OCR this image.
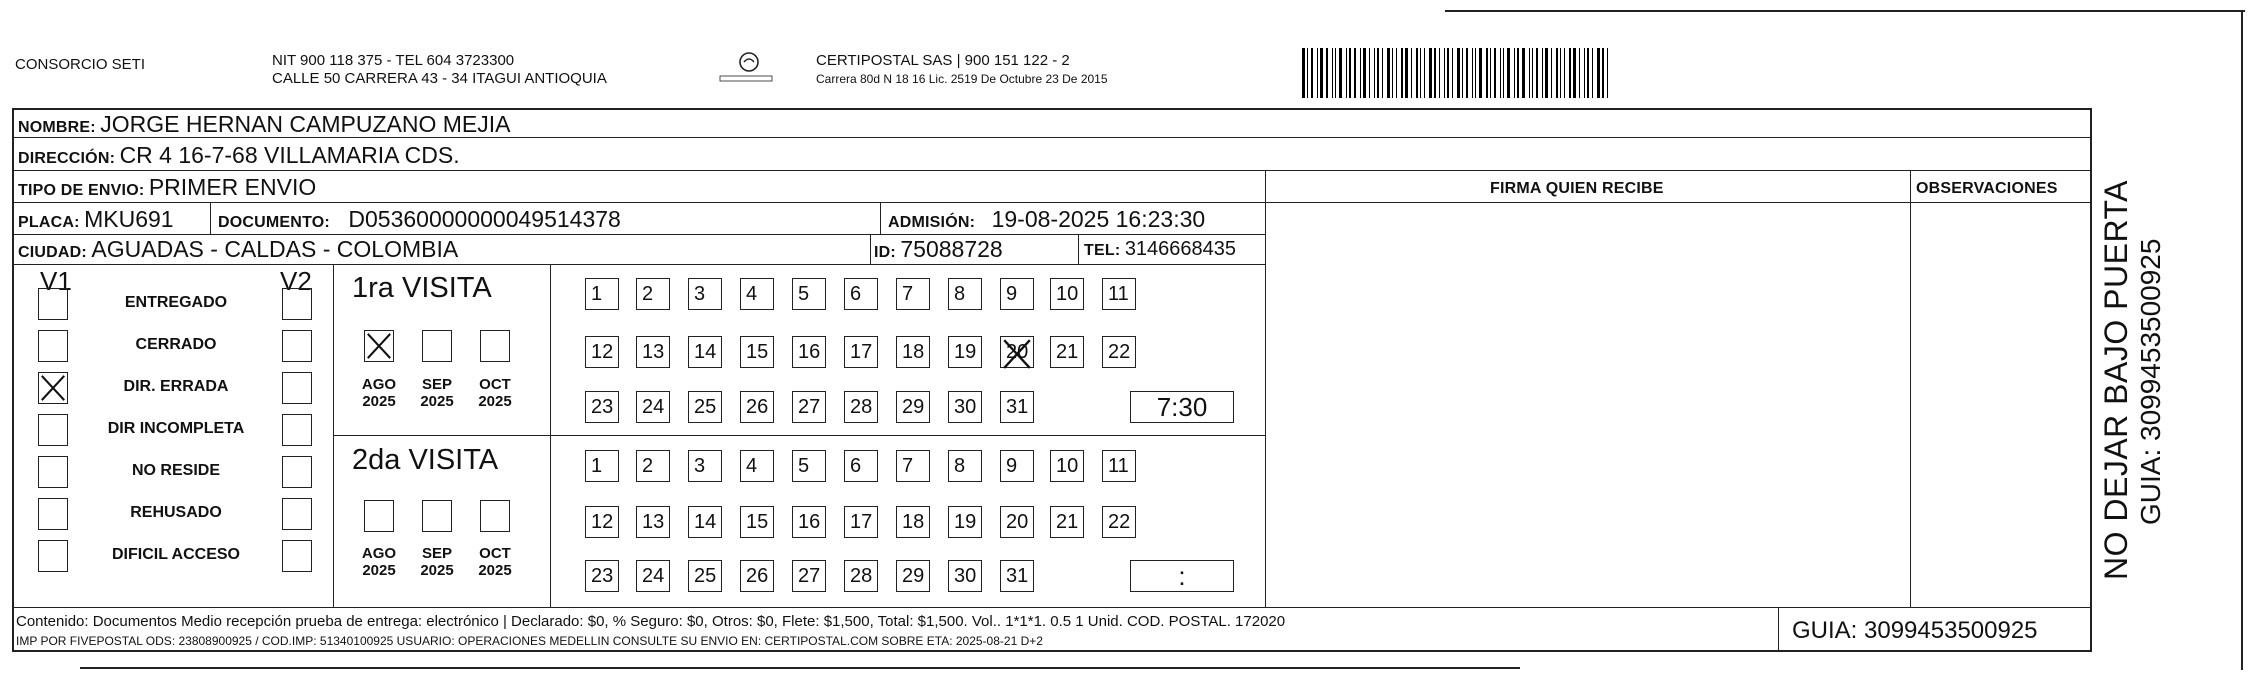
CONSORCIO SETI	NIT 900 118 375 - TEL 604 3723300
CALLE 50 CARRERA 43 - 34 ITAGUI ANTIOQUIA
CERTIPOSTAL SAS | 900 151 122 - 2
Carrera 80d N 18 16 Lic. 2519 De Octubre 23 De 2015
NOMBRE: JORGE HERNAN CAMPUZANO MEJIA
DIRECCIÓN: CR 4 16-7-68 VILLAMARIA CDS.
TIPO DE ENVIO: PRIMER ENVIO	FIRMA QUIEN RECIBE	OBSERVACIONES
PLACA: MKU691	DOCUMENTO: D05360000000049514378	ADMISIÓN: 19-08-2025 16:23:30
CIUDAD: AGUADAS - CALDAS - COLOMBIA	ID: 75088728	TEL: 3146668435
V1	V2
ENTREGADO
CERRADO
DIR. ERRADA
DIR INCOMPLETA
NO RESIDE
REHUSADO
DIFICIL ACCESO
1ra VISITA
2da VISITA
AGO
2025
SEP
2025
OCT
2025
AGO
2025
SEP
2025
OCT
2025
1	2	3	4	5	6	7	8	9	10	11
12	13	14	15	16	17	18	19	20	21	22
23	24	25	26	27	28	29	30	31	7:30
1	2	3	4	5	6	7	8	9	10	11
12	13	14	15	16	17	18	19	20	21	22
23	24	25	26	27	28	29	30	31	:
Contenido: Documentos Medio recepción prueba de entrega: electrónico | Declarado: $0, % Seguro: $0, Otros: $0, Flete: $1,500, Total: $1,500. Vol.. 1*1*1. 0.5 1 Unid. COD. POSTAL. 172020
IMP POR FIVEPOSTAL ODS: 23808900925 / COD.IMP: 51340100925 USUARIO: OPERACIONES MEDELLIN CONSULTE SU ENVIO EN: CERTIPOSTAL.COM SOBRE ETA: 2025-08-21 D+2	GUIA: 3099453500925
NO DEJAR BAJO PUERTA GUIA: 3099453500925
